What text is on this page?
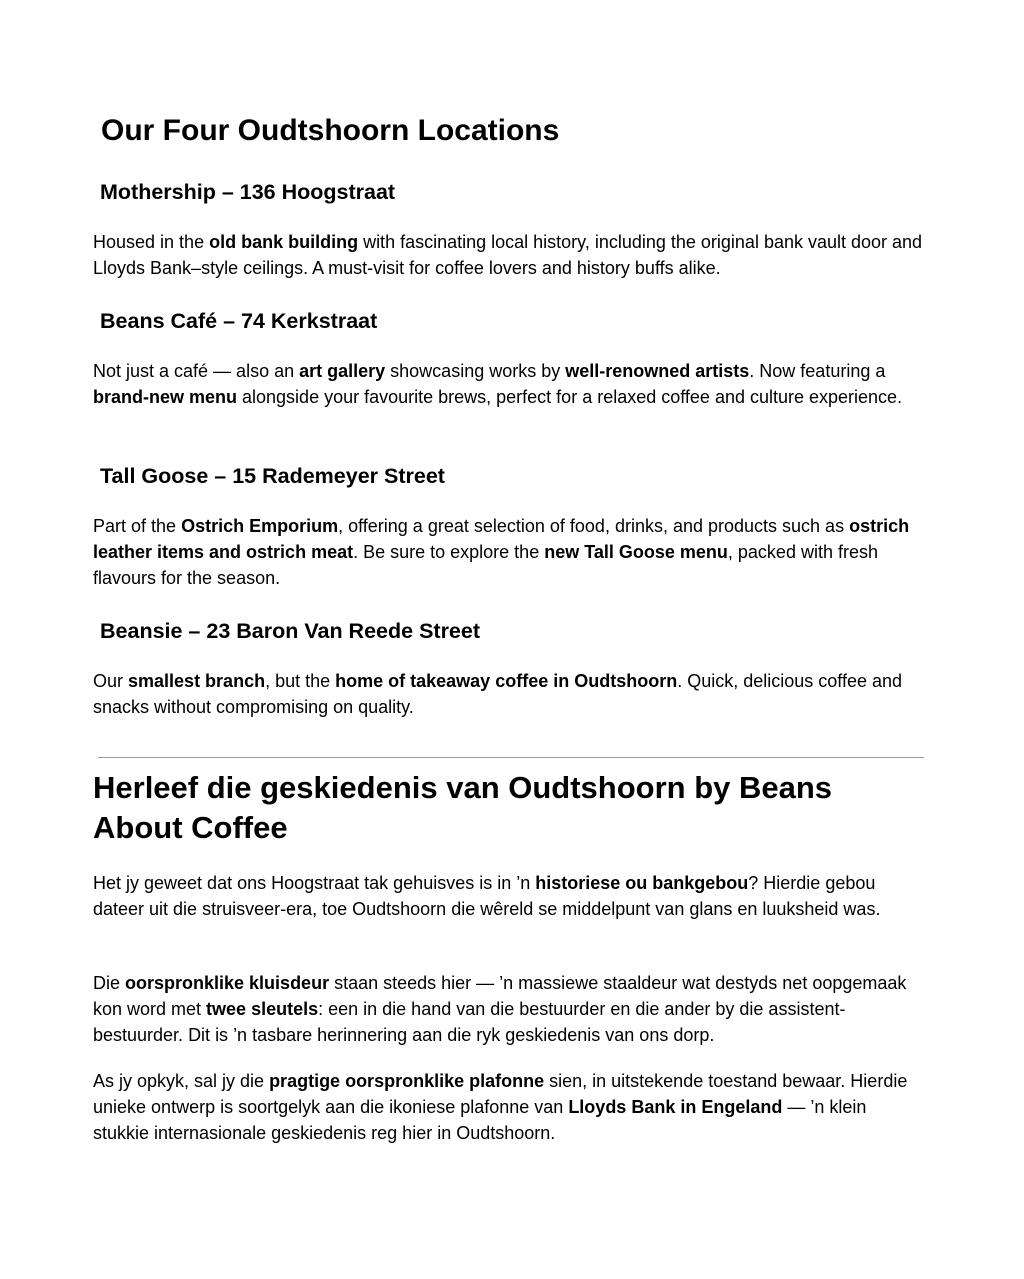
Our Four Oudtshoorn Locations
Mothership – 136 Hoogstraat

Housed in the old bank building with fascinating local history, including the original bank vault door and Lloyds Bank–style ceilings. A must-visit for coffee lovers and history buffs alike.

Beans Café – 74 Kerkstraat

Not just a café — also an art gallery showcasing works by well-renowned artists. Now featuring a brand-new menu alongside your favourite brews, perfect for a relaxed coffee and culture experience.

Tall Goose – 15 Rademeyer Street

Part of the Ostrich Emporium, offering a great selection of food, drinks, and products such as ostrich leather items and ostrich meat. Be sure to explore the new Tall Goose menu, packed with fresh flavours for the season.

Beansie – 23 Baron Van Reede Street

Our smallest branch, but the home of takeaway coffee in Oudtshoorn. Quick, delicious coffee and snacks without compromising on quality.

Herleef die geskiedenis van Oudtshoorn by Beans About Coffee

Het jy geweet dat ons Hoogstraat tak gehuisves is in ’n historiese ou bankgebou? Hierdie gebou dateer uit die struisveer-era, toe Oudtshoorn die wêreld se middelpunt van glans en luuksheid was.

Die oorspronklike kluisdeur staan steeds hier — ’n massiewe staaldeur wat destyds net oopgemaak kon word met twee sleutels: een in die hand van die bestuurder en die ander by die assistent-bestuurder. Dit is ’n tasbare herinnering aan die ryk geskiedenis van ons dorp.

As jy opkyk, sal jy die pragtige oorspronklike plafonne sien, in uitstekende toestand bewaar. Hierdie unieke ontwerp is soortgelyk aan die ikoniese plafonne van Lloyds Bank in Engeland — ’n klein stukkie internasionale geskiedenis reg hier in Oudtshoorn.
